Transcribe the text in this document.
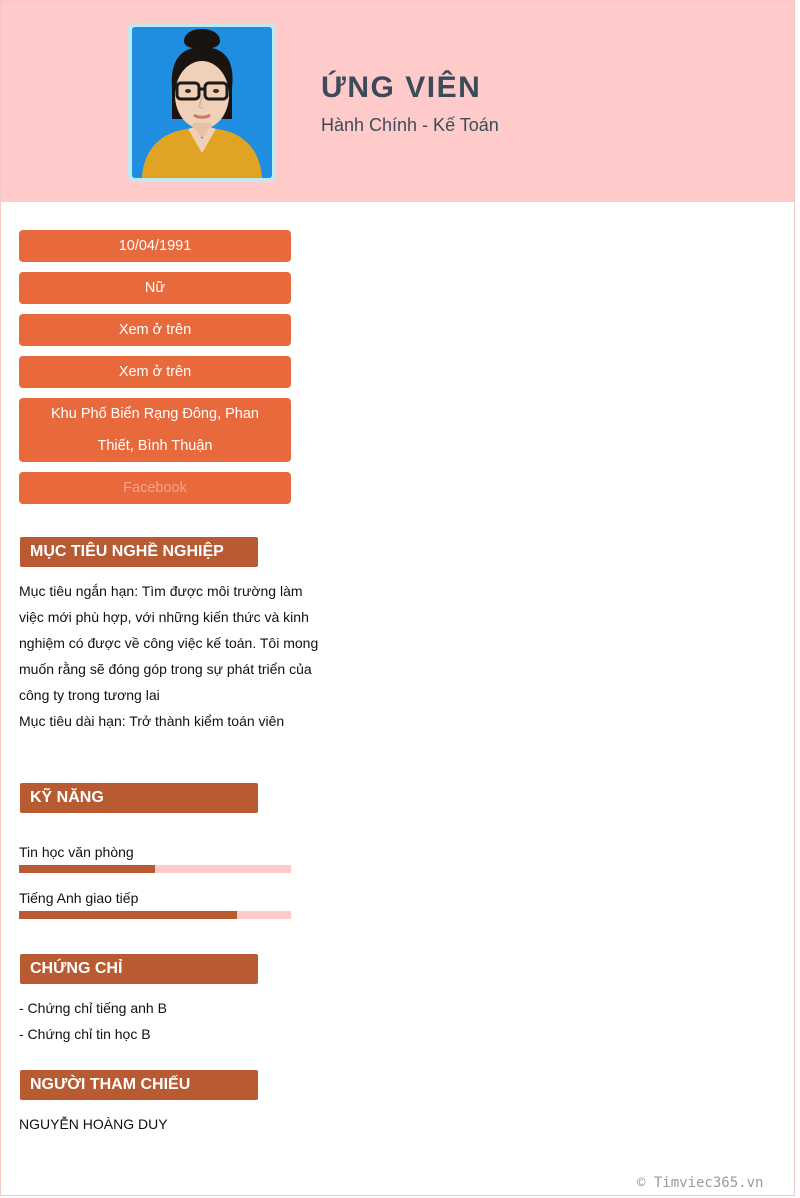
ỨNG VIÊN
Hành Chính - Kế Toán
10/04/1991
Nữ
Xem ở trên
Xem ở trên
Khu Phố Biển Rạng Đông, Phan Thiết, Bình Thuận
Facebook
MỤC TIÊU NGHỀ NGHIỆP
Mục tiêu ngắn hạn: Tìm được môi trường làm việc mới phù hợp, với những kiến thức và kinh nghiệm có được về công việc kế toán. Tôi mong muốn rằng sẽ đóng góp trong sự phát triển của công ty trong tương lai
Mục tiêu dài hạn: Trở thành kiểm toán viên
KỸ NĂNG
Tin học văn phòng
Tiếng Anh giao tiếp
CHỨNG CHỈ
- Chứng chỉ tiếng anh B
- Chứng chỉ tin học B
NGƯỜI THAM CHIẾU
NGUYỄN HOÀNG DUY
© Timviec365.vn
